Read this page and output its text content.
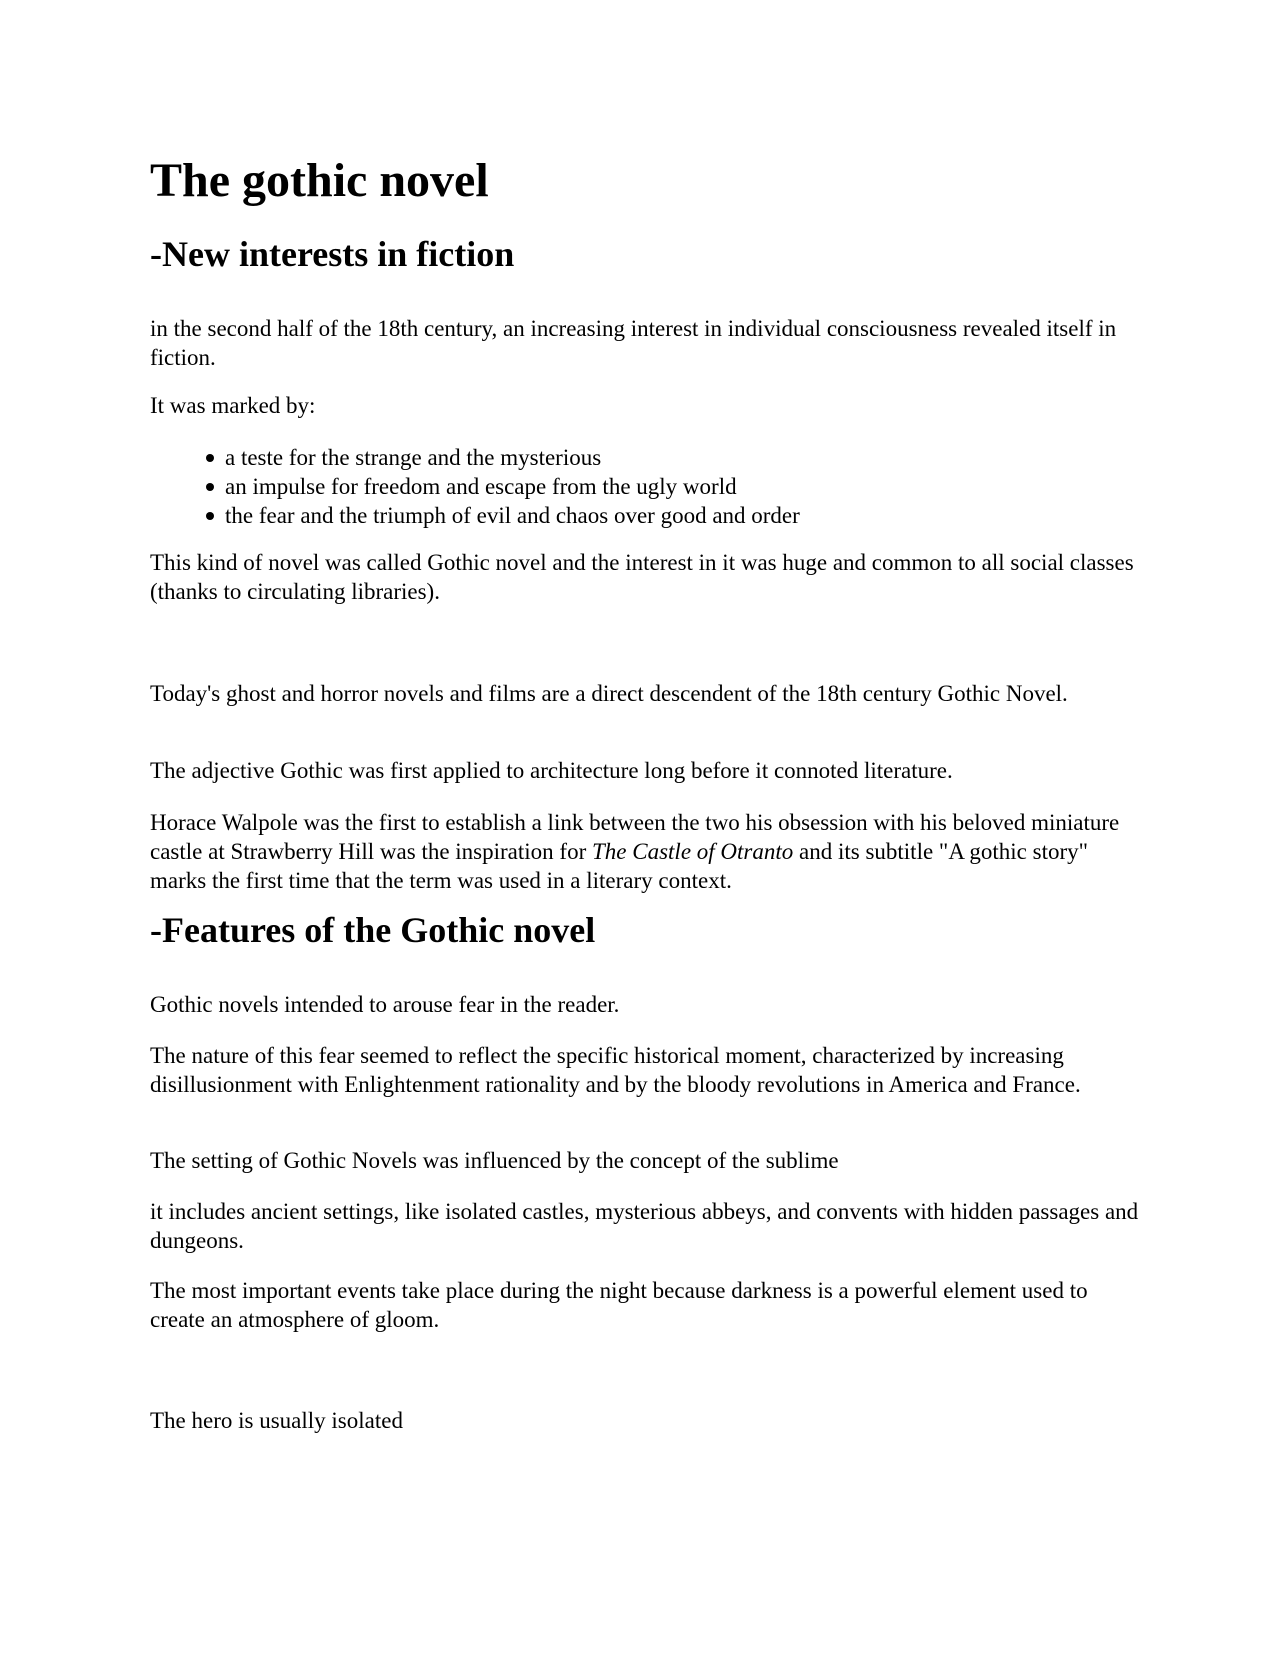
The gothic novel
-New interests in fiction

in the second half of the 18th century, an increasing interest in individual consciousness revealed itself in fiction.

It was marked by:

a teste for the strange and the mysterious
an impulse for freedom and escape from the ugly world
the fear and the triumph of evil and chaos over good and order

This kind of novel was called Gothic novel and the interest in it was huge and common to all social classes (thanks to circulating libraries).

Today's ghost and horror novels and films are a direct descendent of the 18th century Gothic Novel.

The adjective Gothic was first applied to architecture long before it connoted literature.

Horace Walpole was the first to establish a link between the two his obsession with his beloved miniature castle at Strawberry Hill was the inspiration for The Castle of Otranto and its subtitle "A gothic story" marks the first time that the term was used in a literary context.

-Features of the Gothic novel

Gothic novels intended to arouse fear in the reader.

The nature of this fear seemed to reflect the specific historical moment, characterized by increasing disillusionment with Enlightenment rationality and by the bloody revolutions in America and France.

The setting of Gothic Novels was influenced by the concept of the sublime

it includes ancient settings, like isolated castles, mysterious abbeys, and convents with hidden passages and dungeons.

The most important events take place during the night because darkness is a powerful element used to create an atmosphere of gloom.

The hero is usually isolated
